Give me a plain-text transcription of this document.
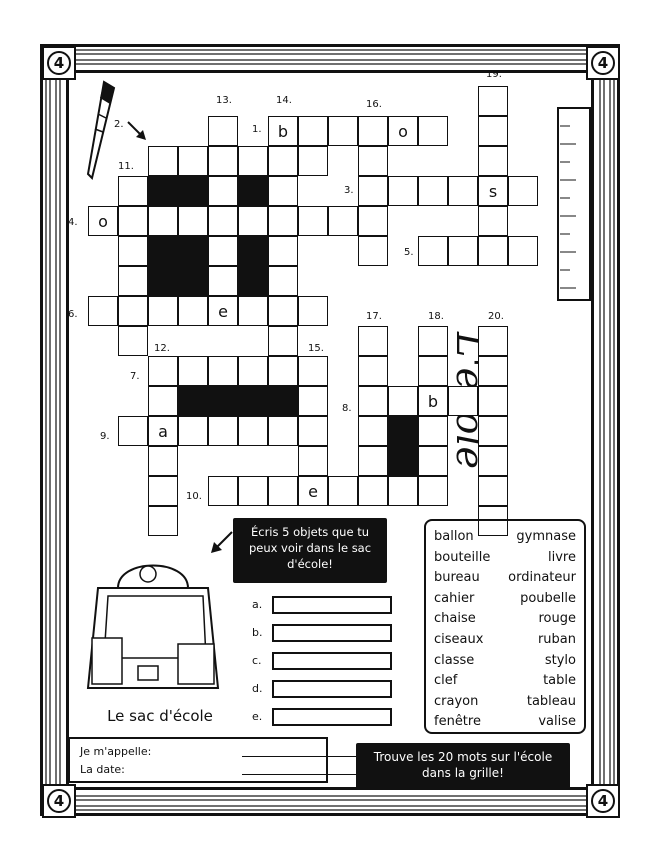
4	4
4	4
b	o
s
o
e
b
a
e
1.
2.
3.
4.
5.
6.
7.
8.
9.
10.
11.
12.
13.	14.
15.
16.
17.	18.
19.
20.
Écris 5 objets que tu peux voir dans le sac d'école!
Le sac d'école
a.
b.
c.
d.
e.
ballon	gymnase
bouteille	livre
bureau ordinateur
cahier	poubelle
chaise	rouge
ciseaux	ruban
classe	stylo
clef	table
crayon	tableau
fenêtre	valise
Je m'appelle:
La date:
Trouve les 20 mots sur l'école dans la grille!
